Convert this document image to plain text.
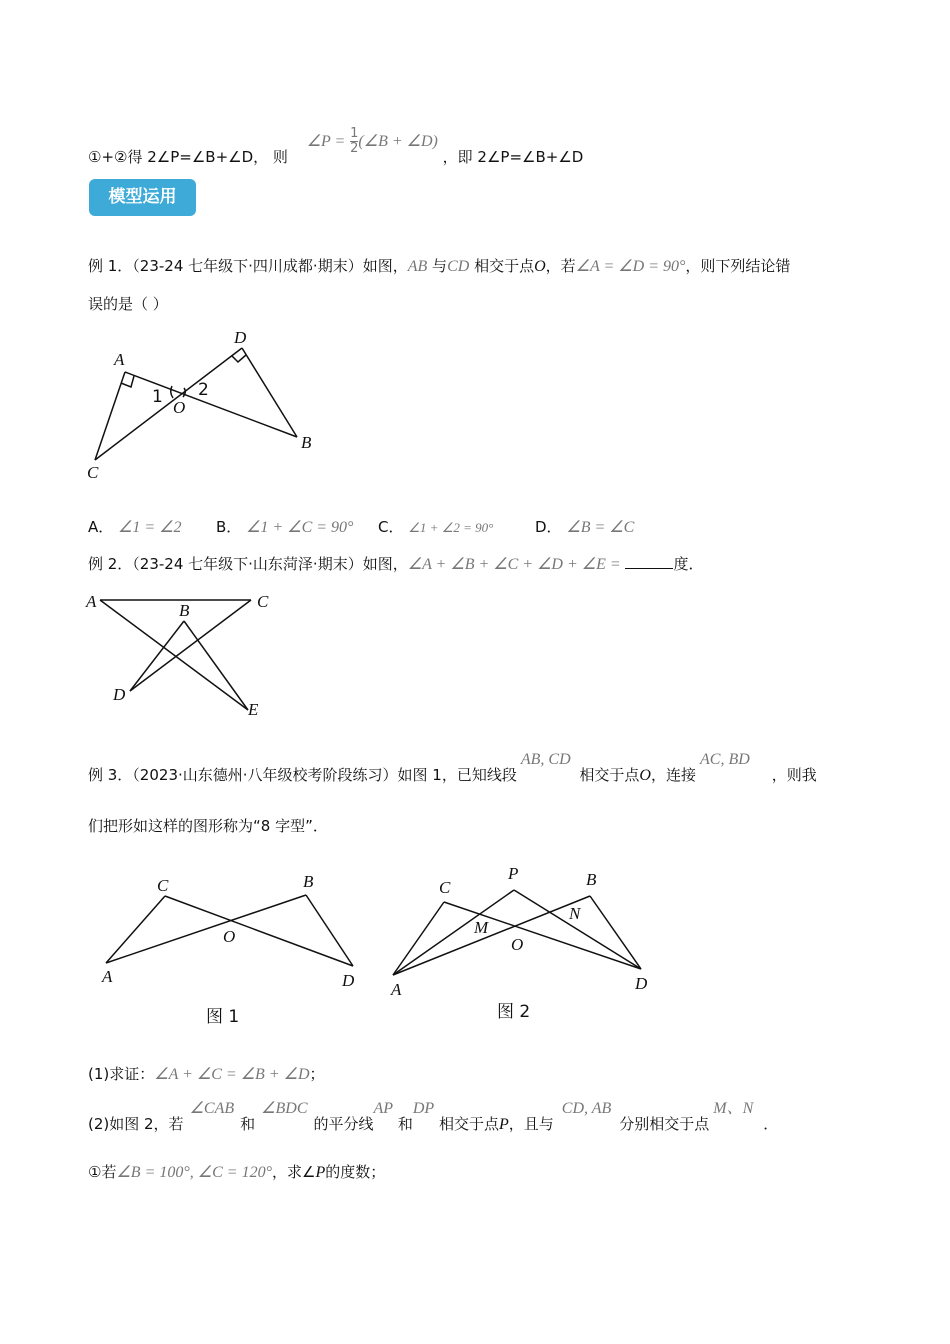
①+②得 2∠P=∠B+∠D， 则 ∠P = $\frac{1}{2}$ (∠B + ∠D) ，即 2∠P=∠B+∠D
模型运用
例 1．（23-24 七年级下·四川成都·期末）如图，AB 与CD 相交于点O，若∠A = ∠D = 90°，则下列结论错
误的是（ ）
A． ∠1 = ∠2 B． ∠1 + ∠C = 90° C． ∠1 + ∠2 = 90°	D． ∠B = ∠C
例 2．（23-24 七年级下·山东菏泽·期末）如图，∠A + ∠B + ∠C + ∠D + ∠E =	度．
例 3．（2023·山东德州·八年级校考阶段练习）如图 1，已知线段AB, CD 相交于点O，连接AC, BD，则我
们把形如这样的图形称为“8 字型”．
(1)求证：∠A + ∠C = ∠B + ∠D；
(2)如图 2，若∠CAB和∠BDC的平分线AP 和DP 相交于点P，且与CD, AB分别相交于点M、N．
①若∠B = 100°, ∠C = 120°，求∠P的度数；
A
D
C
B
O
1 2
A	B	C
D
E
C	B
A	D
O
图 1
C
P	B
M
N
O
A	D
图 2
